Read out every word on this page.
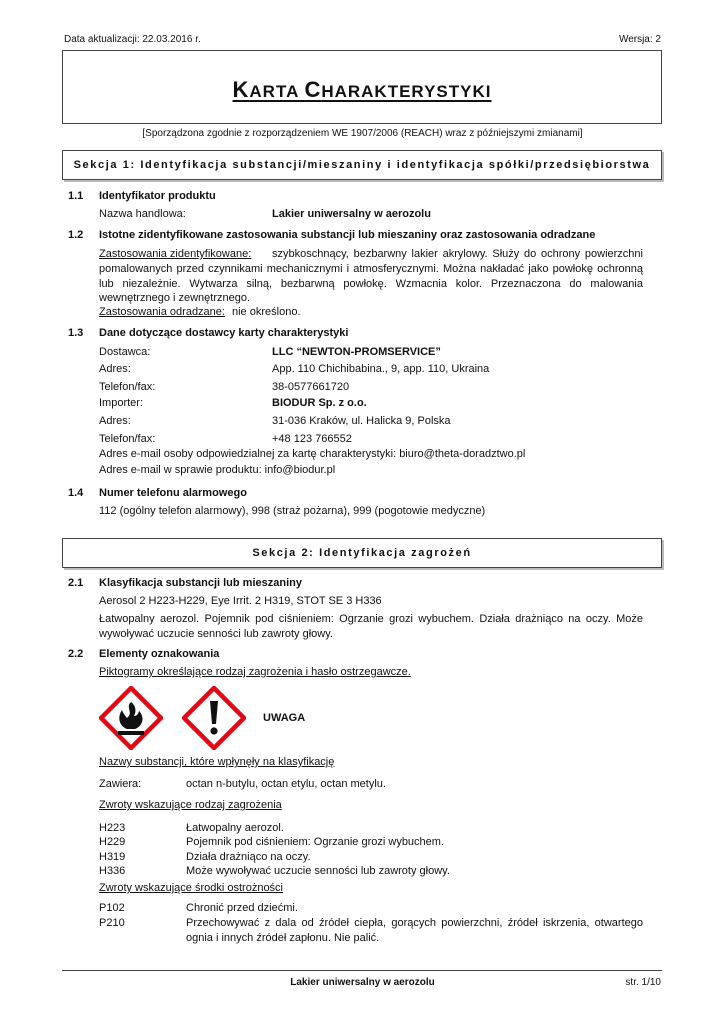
Data aktualizacji: 22.03.2016 r.	Wersja: 2
KARTA CHARAKTERYSTYKI
[Sporządzona zgodnie z rozporządzeniem WE 1907/2006 (REACH) wraz z późniejszymi zmianami]
Sekcja 1: Identyfikacja substancji/mieszaniny i identyfikacja spółki/przedsiębiorstwa
1.1 Identyfikator produktu
Nazwa handlowa:	Lakier uniwersalny w aerozolu
1.2 Istotne zidentyfikowane zastosowania substancji lub mieszaniny oraz zastosowania odradzane
Zastosowania zidentyfikowane: szybkoschnący, bezbarwny lakier akrylowy. Służy do ochrony powierzchni
pomalowanych przed czynnikami mechanicznymi i atmosferycznymi. Można nakładać jako powłokę ochronną
lub niezależnie. Wytwarza silną, bezbarwną powłokę. Wzmacnia kolor. Przeznaczona do malowania
wewnętrznego i zewnętrznego.
Zastosowania odradzane: nie określono.
1.3 Dane dotyczące dostawcy karty charakterystyki
Dostawca:	LLC “NEWTON-PROMSERVICE”
Adres:	App. 110 Chichibabina., 9, app. 110, Ukraina
Telefon/fax:	38-0577661720
Importer:	BIODUR Sp. z o.o.
Adres:	31-036 Kraków, ul. Halicka 9, Polska
Telefon/fax:	+48 123 766552
Adres e-mail osoby odpowiedzialnej za kartę charakterystyki: biuro@theta-doradztwo.pl
Adres e-mail w sprawie produktu: info@biodur.pl
1.4 Numer telefonu alarmowego
112 (ogólny telefon alarmowy), 998 (straż pożarna), 999 (pogotowie medyczne)
Sekcja 2: Identyfikacja zagrożeń
2.1 Klasyfikacja substancji lub mieszaniny
Aerosol 2 H223-H229, Eye Irrit. 2 H319, STOT SE 3 H336
Łatwopalny aerozol. Pojemnik pod ciśnieniem: Ogrzanie grozi wybuchem. Działa drażniąco na oczy. Może
wywoływać uczucie senności lub zawroty głowy.
2.2 Elementy oznakowania
Piktogramy określające rodzaj zagrożenia i hasło ostrzegawcze.
UWAGA
Nazwy substancji, które wpłynęły na klasyfikację
Zawiera:	octan n-butylu, octan etylu, octan metylu.
Zwroty wskazujące rodzaj zagrożenia
H223	Łatwopalny aerozol.
H229	Pojemnik pod ciśnieniem: Ogrzanie grozi wybuchem.
H319	Działa drażniąco na oczy.
H336	Może wywoływać uczucie senności lub zawroty głowy.
Zwroty wskazujące środki ostrożności
P102	Chronić przed dziećmi.
P210	Przechowywać z dala od źródeł ciepła, gorących powierzchni, źródeł iskrzenia, otwartego
ognia i innych źródeł zapłonu. Nie palić.
Lakier uniwersalny w aerozolu	str. 1/10
